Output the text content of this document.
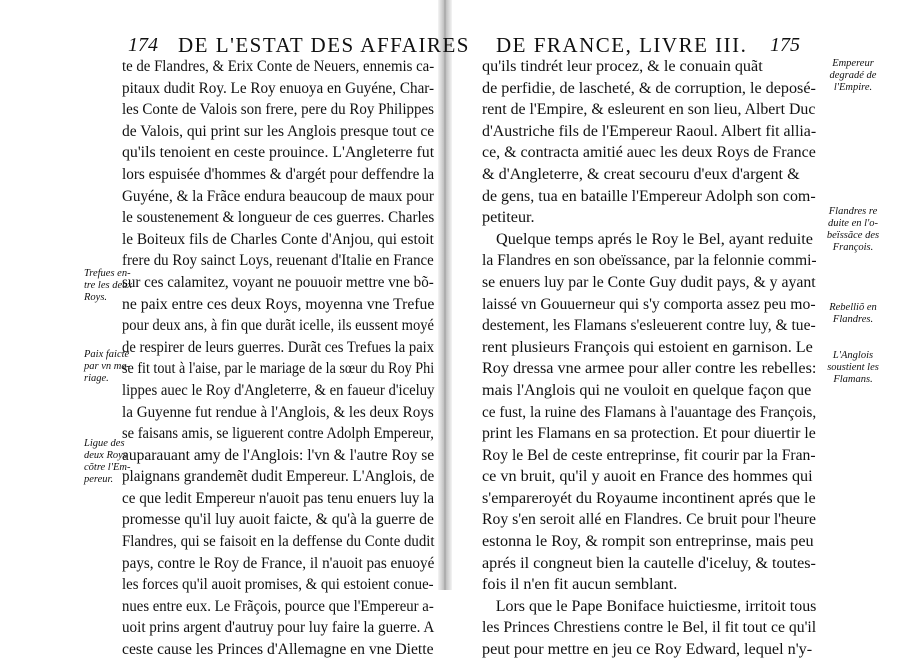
174 DE L'ESTAT DES AFFAIRES
te de Flandres, & Erix Conte de Neuers, ennemis ca-
pitaux dudit Roy. Le Roy enuoya en Guyéne, Char-
les Conte de Valois son frere, pere du Roy Philippes
de Valois, qui print sur les Anglois presque tout ce
qu'ils tenoient en ceste prouince. L'Angleterre fut
lors espuisée d'hommes & d'argét pour deffendre la
Guyéne, & la Frãce endura beaucoup de maux pour
le soustenement & longueur de ces guerres. Charles
le Boiteux fils de Charles Conte d'Anjou, qui estoit
frere du Roy sainct Loys, reuenant d'Italie en France
sur ces calamitez, voyant ne pouuoir mettre vne bõ-
ne paix entre ces deux Roys, moyenna vne Trefue
pour deux ans, à fin que durãt icelle, ils eussent moyé
de respirer de leurs guerres. Durãt ces Trefues la paix
se fit tout à l'aise, par le mariage de la sœur du Roy Phi
lippes auec le Roy d'Angleterre, & en faueur d'iceluy
la Guyenne fut rendue à l'Anglois, & les deux Roys
se faisans amis, se liguerent contre Adolph Empereur,
auparauant amy de l'Anglois: l'vn & l'autre Roy se
plaignans grandemẽt dudit Empereur. L'Anglois, de
ce que ledit Empereur n'auoit pas tenu enuers luy la
promesse qu'il luy auoit faicte, & qu'à la guerre de
Flandres, qui se faisoit en la deffense du Conte dudit
pays, contre le Roy de France, il n'auoit pas enuoyé
les forces qu'il auoit promises, & qui estoient conue-
nues entre eux. Le Frãçois, pource que l'Empereur a-
uoit prins argent d'autruy pour luy faire la guerre. A
ceste cause les Princes d'Allemagne en vne Diette
Trefues en-
tre les deux
Roys.
Paix faicte
par vn ma-
riage.
Ligue des
deux Roys
cõtre l'Em-
pereur.
DE FRANCE, LIVRE III. 175
qu'ils tindrét leur procez, & le conuain quãt
de perfidie, de lascheté, & de corruption, le deposé-
rent de l'Empire, & esleurent en son lieu, Albert Duc
d'Austriche fils de l'Empereur Raoul. Albert fit allia-
ce, & contracta amitié auec les deux Roys de France
& d'Angleterre, & creat secouru d'eux d'argent &
de gens, tua en bataille l'Empereur Adolph son com-
petiteur.
Quelque temps aprés le Roy le Bel, ayant reduite
la Flandres en son obeïssance, par la felonnie commi-
se enuers luy par le Conte Guy dudit pays, & y ayant
laissé vn Gouuerneur qui s'y comporta assez peu mo-
destement, les Flamans s'esleuerent contre luy, & tue-
rent plusieurs François qui estoient en garnison. Le
Roy dressa vne armee pour aller contre les rebelles:
mais l'Anglois qui ne vouloit en quelque façon que
ce fust, la ruine des Flamans à l'auantage des François,
print les Flamans en sa protection. Et pour diuertir le
Roy le Bel de ceste entreprinse, fit courir par la Fran-
ce vn bruit, qu'il y auoit en France des hommes qui
s'empareroyét du Royaume incontinent aprés que le
Roy s'en seroit allé en Flandres. Ce bruit pour l'heure
estonna le Roy, & rompit son entreprinse, mais peu
aprés il congneut bien la cautelle d'iceluy, & toutes-
fois il n'en fit aucun semblant.
Lors que le Pape Boniface huictiesme, irritoit tous
les Princes Chrestiens contre le Bel, il fit tout ce qu'il
peut pour mettre en jeu ce Roy Edward, lequel n'y-
Empereur
degradé de
l'Empire.
Flandres re
duite en l'o-
beïssãce des
François.
Rebelliõ en
Flandres.
L'Anglois
soustient les
Flamans.
